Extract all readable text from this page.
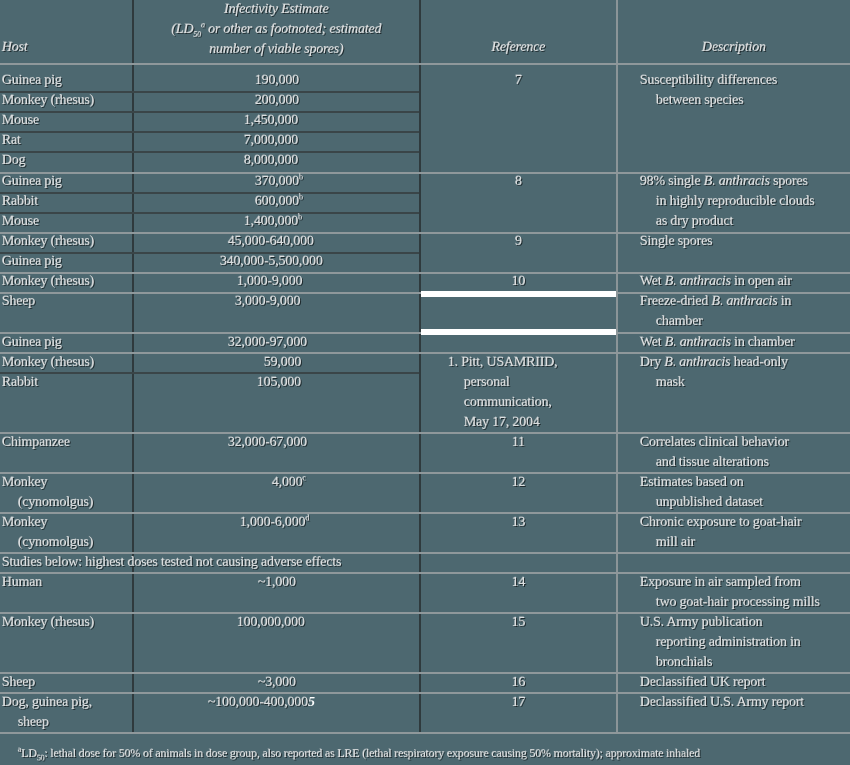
Host
Infectivity Estimate
($LD_{50}^a$ or other as footnoted; estimated
number of viable spores)	Reference	Description
Guinea pig
Monkey (rhesus)
Mouse
Rat
Dog
Guinea pig
Rabbit
Mouse
Monkey (rhesus)
Guinea pig
Monkey (rhesus)
Sheep
Guinea pig
Monkey (rhesus)
Rabbit
Chimpanzee
Monkey
(cynomolgus)
Monkey
(cynomolgus)
Studies below: highest doses tested not causing adverse effects
Human
Monkey (rhesus)
Sheep
Dog, guinea pig,
sheep
190,000
200,000
1,450,000
7,000,000
8,000,000
370,000$^b$
600,000$^b$
1,400,000$^b$
45,000-640,000
340,000-5,500,000
1,000-9,000
3,000-9,000
32,000-97,000
59,000
105,000
32,000-67,000
4,000$^c$
1,000-6,000$^d$
~1,000
100,000,000
~3,000
~100,000-400,0005
7
8
9
10
1. Pitt, USAMRIID,
personal
communication,
May 17, 2004
11
12
13
14
15
16
17
Susceptibility differences
between species
98% single B. anthracis spores
in highly reproducible clouds
as dry product
Single spores
Wet B. anthracis in open air
Freeze-dried B. anthracis in
chamber
Wet B. anthracis in chamber
Dry B. anthracis head-only
mask
Correlates clinical behavior
and tissue alterations
Estimates based on
unpublished dataset
Chronic exposure to goat-hair
mill air
Exposure in air sampled from
two goat-hair processing mills
U.S. Army publication
reporting administration in
bronchials
Declassified UK report
Declassified U.S. Army report
$^aLD_{50}$: lethal dose for 50% of animals in dose group, also reported as LRE (lethal respiratory exposure causing 50% mortality); approximate inhaled
